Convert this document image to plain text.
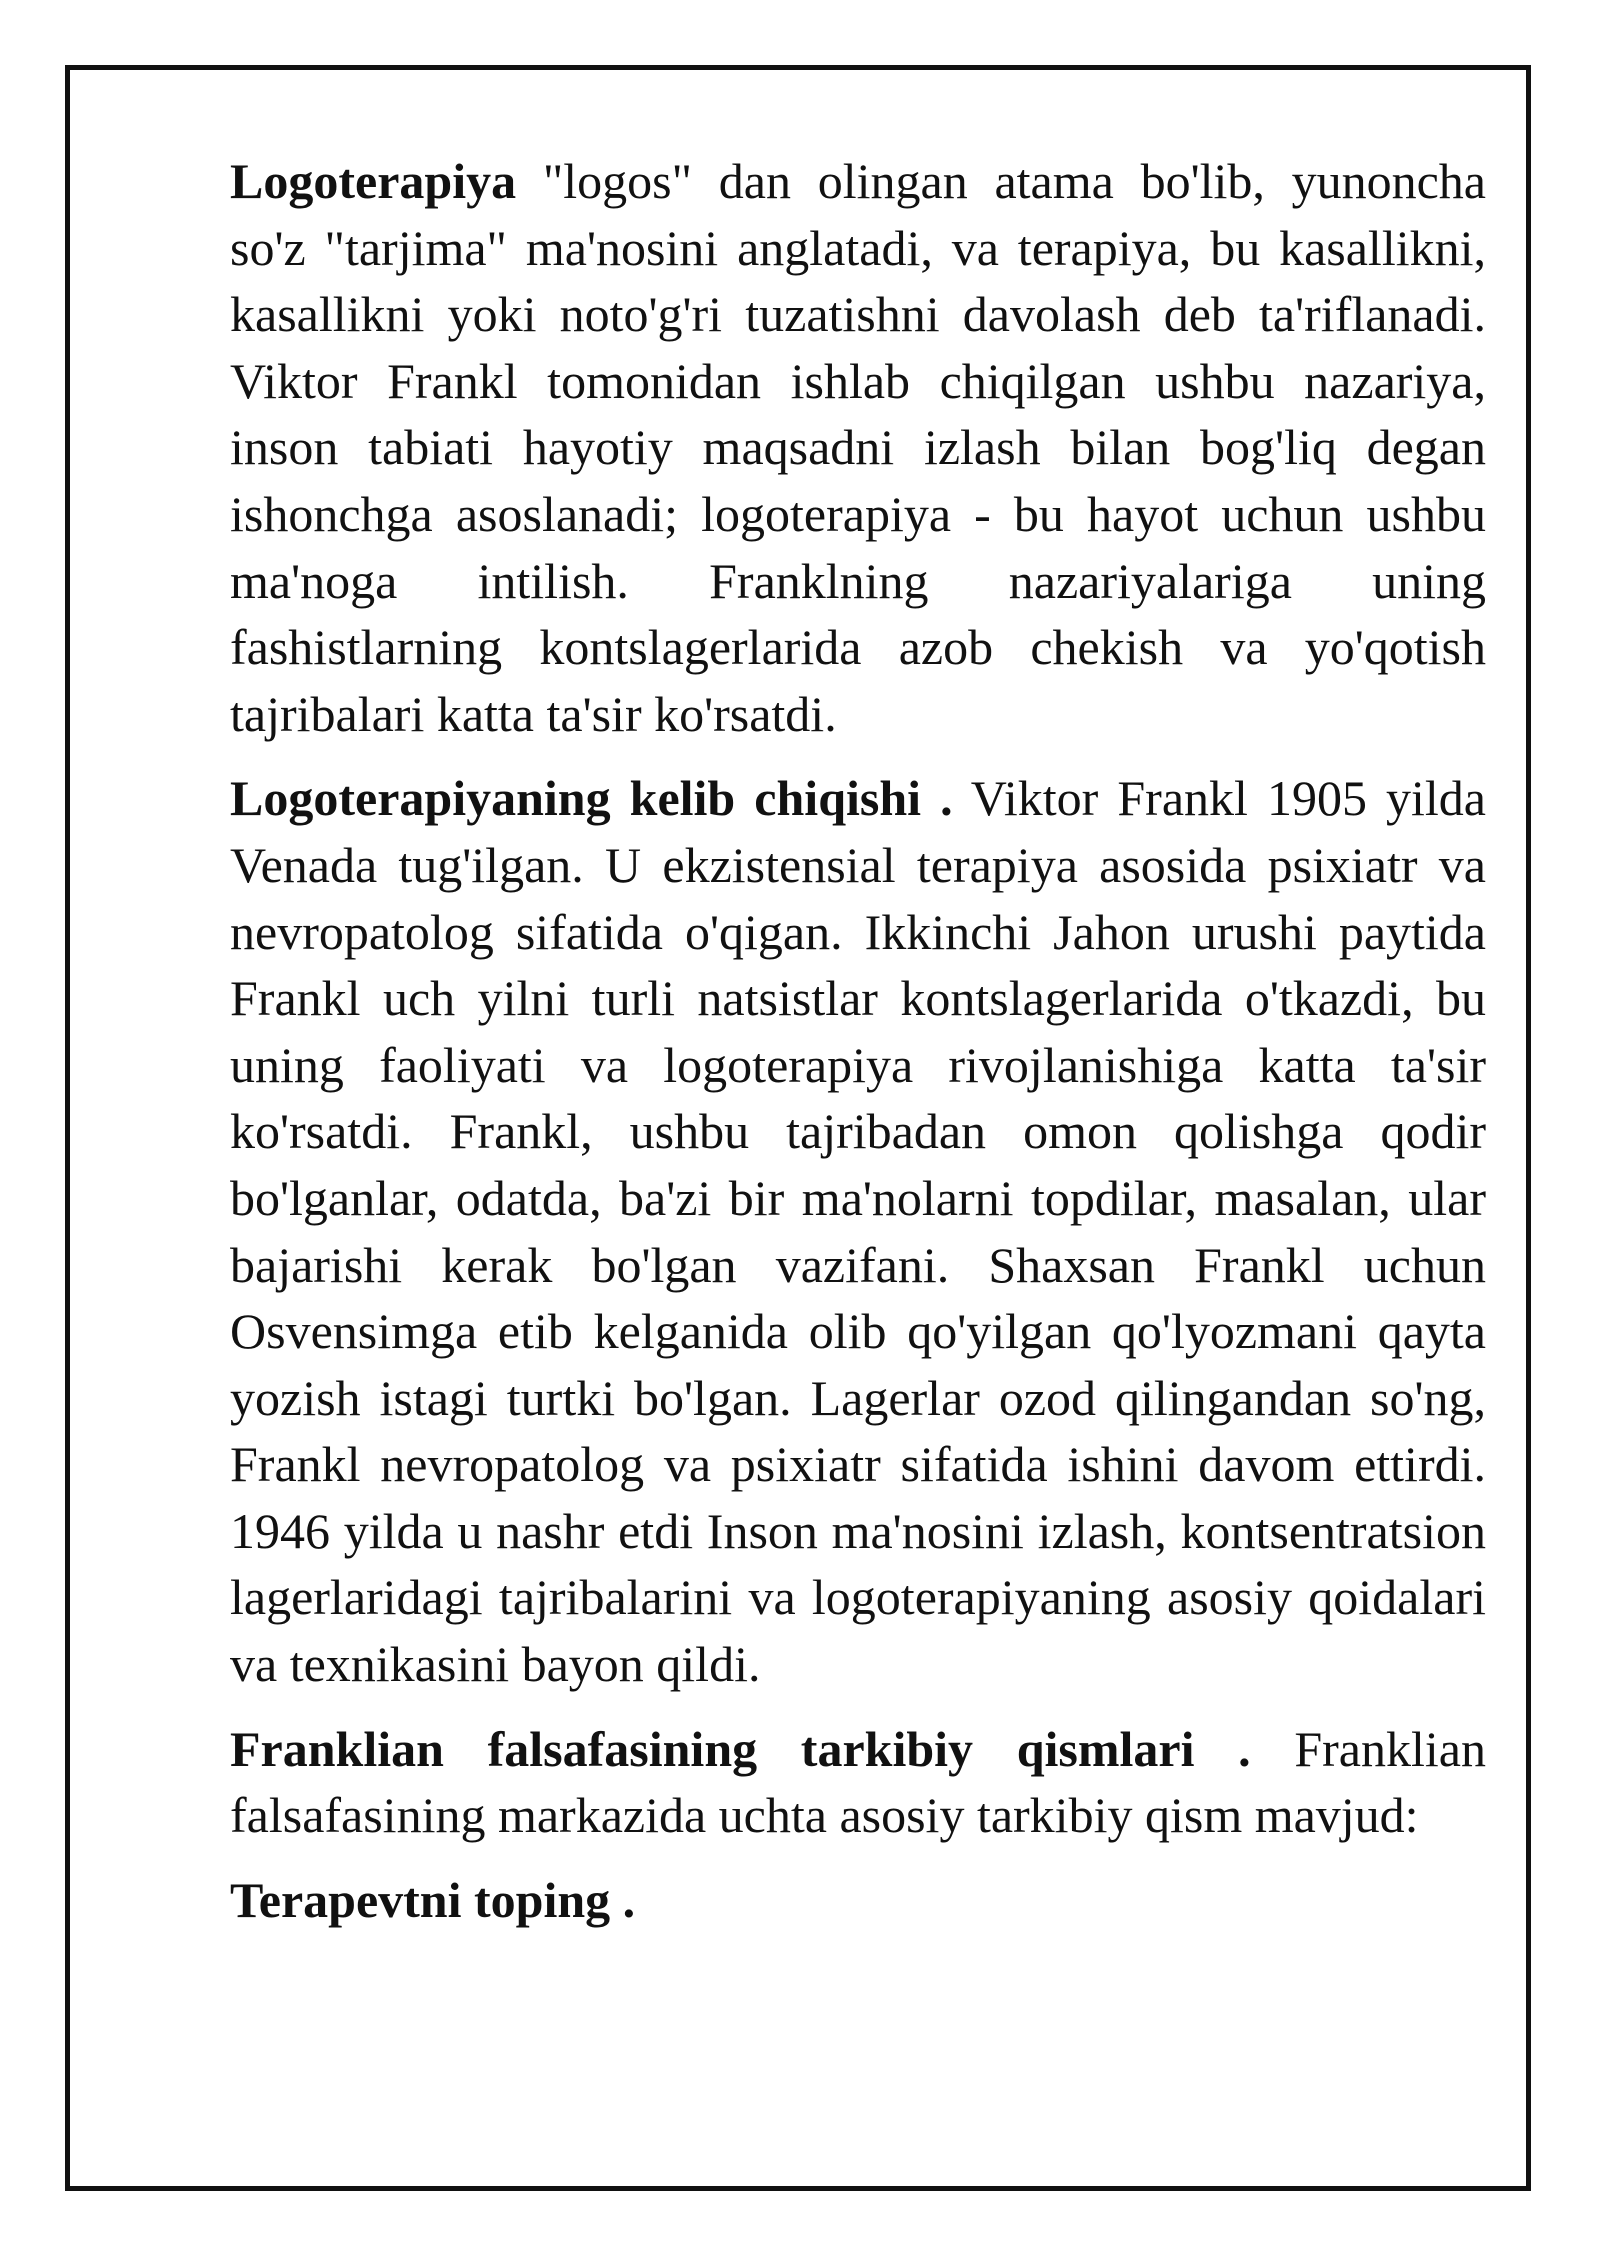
Logoterapiya "logos" dan olingan atama bo'lib, yunoncha so'z "tarjima" ma'nosini anglatadi, va terapiya, bu kasallikni, kasallikni yoki noto'g'ri tuzatishni davolash deb ta'riflanadi. Viktor Frankl tomonidan ishlab chiqilgan ushbu nazariya, inson tabiati hayotiy maqsadni izlash bilan bog'liq degan ishonchga asoslanadi; logoterapiya - bu hayot uchun ushbu ma'noga intilish. Franklning nazariyalariga uning fashistlarning kontslagerlarida azob chekish va yo'qotish tajribalari katta ta'sir ko'rsatdi.

Logoterapiyaning kelib chiqishi . Viktor Frankl 1905 yilda Venada tug'ilgan. U ekzistensial terapiya asosida psixiatr va nevropatolog sifatida o'qigan. Ikkinchi Jahon urushi paytida Frankl uch yilni turli natsistlar kontslagerlarida o'tkazdi, bu uning faoliyati va logoterapiya rivojlanishiga katta ta'sir ko'rsatdi. Frankl, ushbu tajribadan omon qolishga qodir bo'lganlar, odatda, ba'zi bir ma'nolarni topdilar, masalan, ular bajarishi kerak bo'lgan vazifani. Shaxsan Frankl uchun Osvensimga etib kelganida olib qo'yilgan qo'lyozmani qayta yozish istagi turtki bo'lgan. Lagerlar ozod qilingandan so'ng, Frankl nevropatolog va psixiatr sifatida ishini davom ettirdi. 1946 yilda u nashr etdi Inson ma'nosini izlash, kontsentratsion lagerlaridagi tajribalarini va logoterapiyaning asosiy qoidalari va texnikasini bayon qildi.

Franklian falsafasining tarkibiy qismlari . Franklian falsafasining markazida uchta asosiy tarkibiy qism mavjud:

Terapevtni toping .
